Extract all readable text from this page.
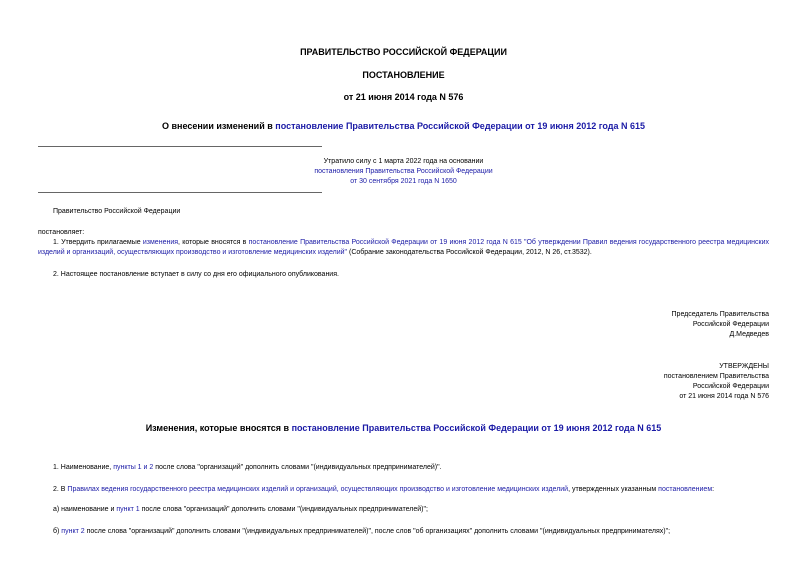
ПРАВИТЕЛЬСТВО РОССИЙСКОЙ ФЕДЕРАЦИИ
ПОСТАНОВЛЕНИЕ
от 21 июня 2014 года N 576
О внесении изменений в постановление Правительства Российской Федерации от 19 июня 2012 года N 615
Утратило силу с 1 марта 2022 года на основании
постановления Правительства Российской Федерации
от 30 сентября 2021 года N 1650
Правительство Российской Федерации
постановляет:
1. Утвердить прилагаемые изменения, которые вносятся в постановление Правительства Российской Федерации от 19 июня 2012 года N 615 "Об утверждении Правил ведения государственного реестра медицинских изделий и организаций, осуществляющих производство и изготовление медицинских изделий" (Собрание законодательства Российской Федерации, 2012, N 26, ст.3532).
2. Настоящее постановление вступает в силу со дня его официального опубликования.
Председатель Правительства
Российской Федерации
Д.Медведев
УТВЕРЖДЕНЫ
постановлением Правительства
Российской Федерации
от 21 июня 2014 года N 576
Изменения, которые вносятся в постановление Правительства Российской Федерации от 19 июня 2012 года N 615
1. Наименование, пункты 1 и 2 после слова "организаций" дополнить словами "(индивидуальных предпринимателей)".
2. В Правилах ведения государственного реестра медицинских изделий и организаций, осуществляющих производство и изготовление медицинских изделий, утвержденных указанным постановлением:
а) наименование и пункт 1 после слова "организаций" дополнить словами "(индивидуальных предпринимателей)";
б) пункт 2 после слова "организаций" дополнить словами "(индивидуальных предпринимателей)", после слов "об организациях" дополнить словами "(индивидуальных предпринимателях)";
